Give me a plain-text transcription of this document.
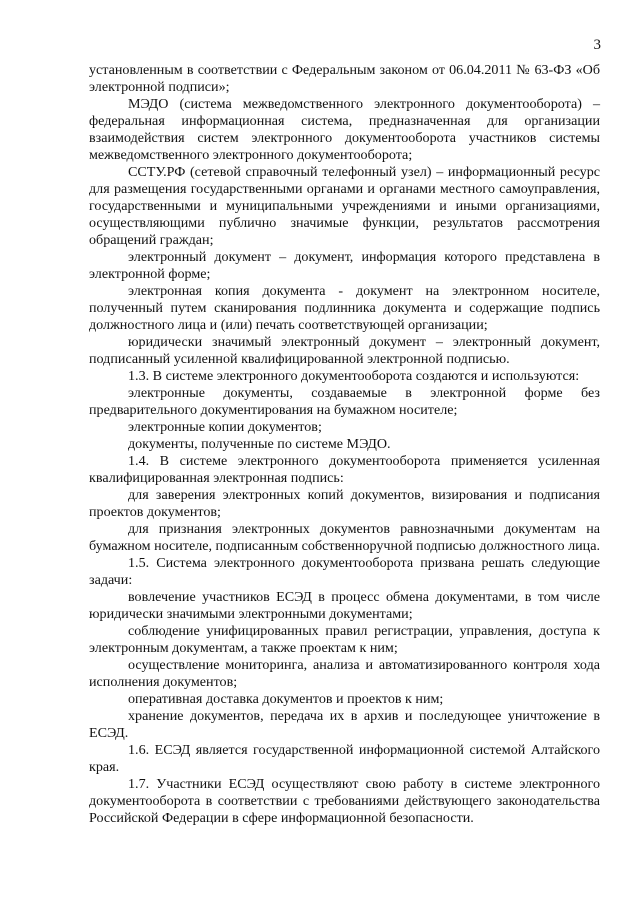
3

установленным в соответствии с Федеральным законом от 06.04.2011 № 63-ФЗ «Об электронной подписи»;

МЭДО (система межведомственного электронного документооборота) – федеральная информационная система, предназначенная для организации взаимодействия систем электронного документооборота участников системы межведомственного электронного документооборота;

ССТУ.РФ (сетевой справочный телефонный узел) – информационный ресурс для размещения государственными органами и органами местного самоуправления, государственными и муниципальными учреждениями и иными организациями, осуществляющими публично значимые функции, результатов рассмотрения обращений граждан;

электронный документ – документ, информация которого представлена в электронной форме;

электронная копия документа - документ на электронном носителе, полученный путем сканирования подлинника документа и содержащие подпись должностного лица и (или) печать соответствующей организации;

юридически значимый электронный документ – электронный документ, подписанный усиленной квалифицированной электронной подписью.

1.3. В системе электронного документооборота создаются и используются:

электронные документы, создаваемые в электронной форме без предварительного документирования на бумажном носителе;

электронные копии документов;

документы, полученные по системе МЭДО.

1.4. В системе электронного документооборота применяется усиленная квалифицированная электронная подпись:

для заверения электронных копий документов, визирования и подписания проектов документов;

для признания электронных документов равнозначными документам на бумажном носителе, подписанным собственноручной подписью должностного лица.

1.5. Система электронного документооборота призвана решать следующие задачи:

вовлечение участников ЕСЭД в процесс обмена документами, в том числе юридически значимыми электронными документами;

соблюдение унифицированных правил регистрации, управления, доступа к электронным документам, а также проектам к ним;

осуществление мониторинга, анализа и автоматизированного контроля хода исполнения документов;

оперативная доставка документов и проектов к ним;

хранение документов, передача их в архив и последующее уничтожение в ЕСЭД.

1.6. ЕСЭД является государственной информационной системой Алтайского края.

1.7. Участники ЕСЭД осуществляют свою работу в системе электронного документооборота в соответствии с требованиями действующего законодательства Российской Федерации в сфере информационной безопасности.
